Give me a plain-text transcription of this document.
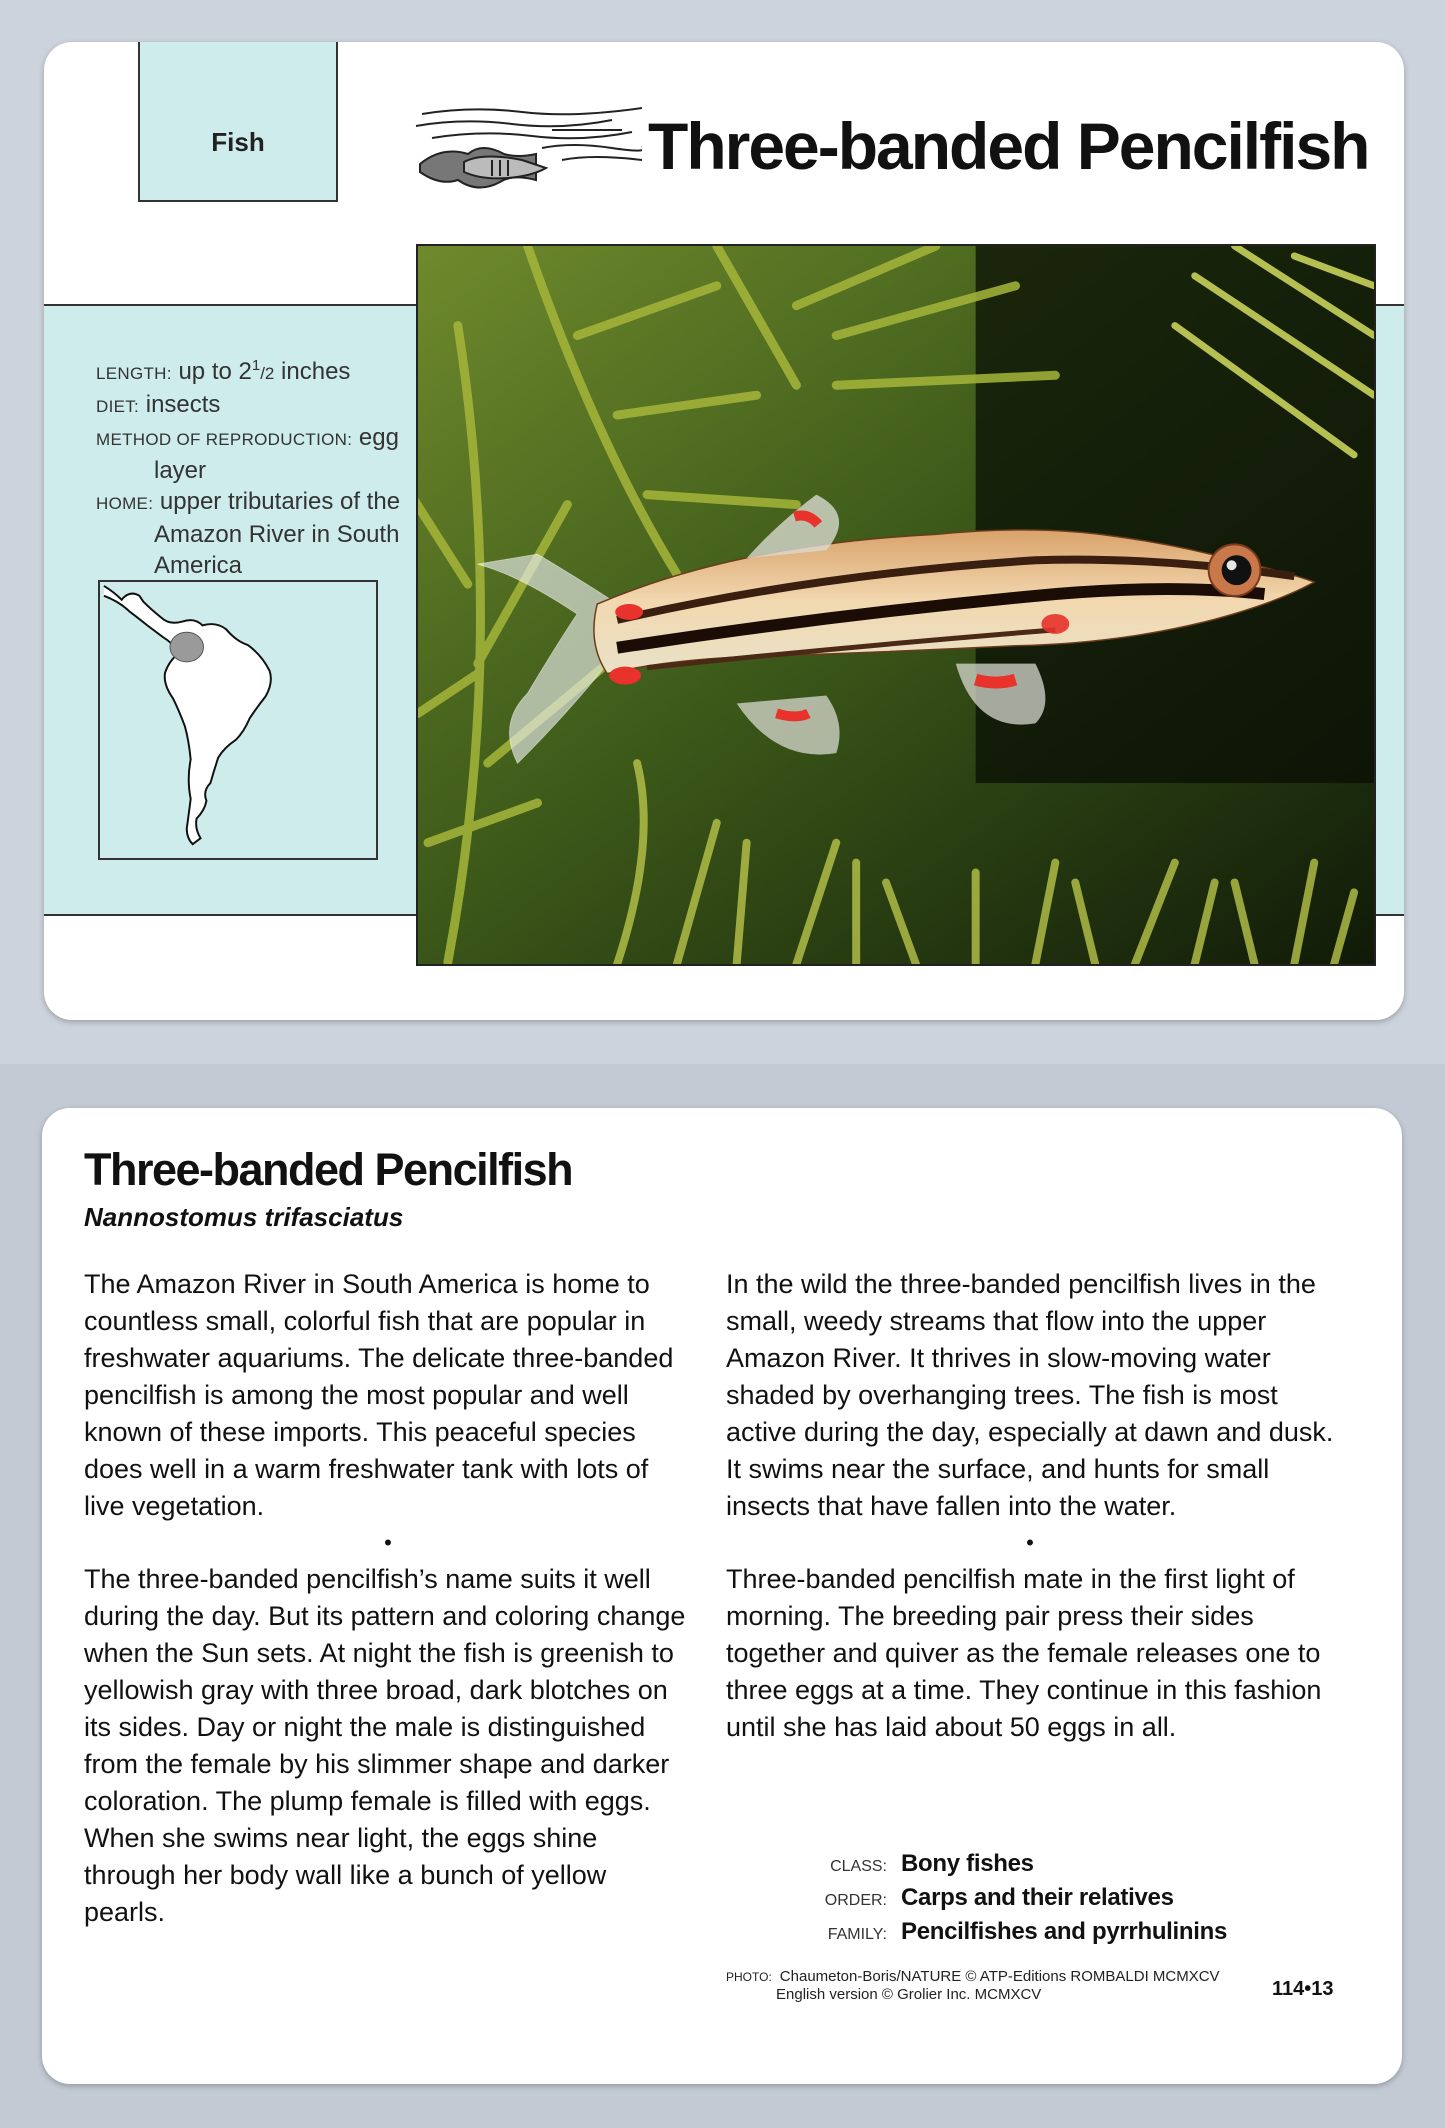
Fish	Three-banded Pencilfish
LENGTH: up to $2^1/2$ inches
DIET: insects
METHOD OF REPRODUCTION: egg
layer
HOME: upper tributaries of the
Amazon River in South
America
Three-banded Pencilfish
Nannostomus trifasciatus

The Amazon River in South America is home to countless small, colorful fish that are popular in freshwater aquariums. The delicate three-banded pencilfish is among the most popular and well known of these imports. This peaceful species does well in a warm freshwater tank with lots of live vegetation.

•

The three-banded pencilfish’s name suits it well during the day. But its pattern and coloring change when the Sun sets. At night the fish is greenish to yellowish gray with three broad, dark blotches on its sides. Day or night the male is distinguished from the female by his slimmer shape and darker coloration. The plump female is filled with eggs. When she swims near light, the eggs shine through her body wall like a bunch of yellow pearls.

In the wild the three-banded pencilfish lives in the small, weedy streams that flow into the upper Amazon River. It thrives in slow-moving water shaded by overhanging trees. The fish is most active during the day, especially at dawn and dusk. It swims near the surface, and hunts for small insects that have fallen into the water.

•

Three-banded pencilfish mate in the first light of morning. The breeding pair press their sides together and quiver as the female releases one to three eggs at a time. They continue in this fashion until she has laid about 50 eggs in all.

CLASS: Bony fishes
ORDER: Carps and their relatives
FAMILY: Pencilfishes and pyrrhulinins
PHOTO: Chaumeton-Boris/NATURE © ATP-Editions ROMBALDI MCMXCV
English version © Grolier Inc. MCMXCV	114•13
